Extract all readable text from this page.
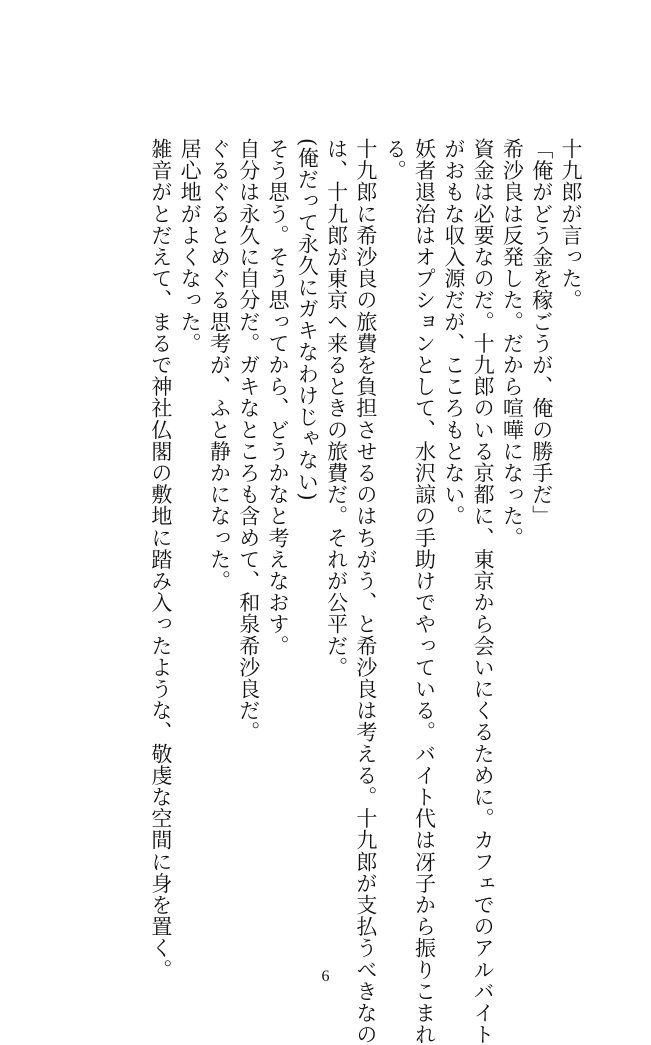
十九郎が言った。
「俺がどう金を稼ごうが、俺の勝手だ」
希沙良は反発した。だから喧嘩になった。
資金は必要なのだ。十九郎のいる京都に、東京から会いにくるために。カフェでのアルバイト
がおもな収入源だが、こころもとない。
妖者退治はオプションとして、水沢諒の手助けでやっている。バイト代は冴子から振りこまれ
る。
十九郎に希沙良の旅費を負担させるのはちがう、と希沙良は考える。十九郎が支払うべきなの
は、十九郎が東京へ来るときの旅費だ。それが公平だ。
(俺だって永久にガキなわけじゃない)
そう思う。そう思ってから、どうかなと考えなおす。
自分は永久に自分だ。ガキなところも含めて、和泉希沙良だ。
ぐるぐるとめぐる思考が、ふと静かになった。
居心地がよくなった。
雑音がとだえて、まるで神社仏閣の敷地に踏み入ったような、敬虔な空間に身を置く。	6
